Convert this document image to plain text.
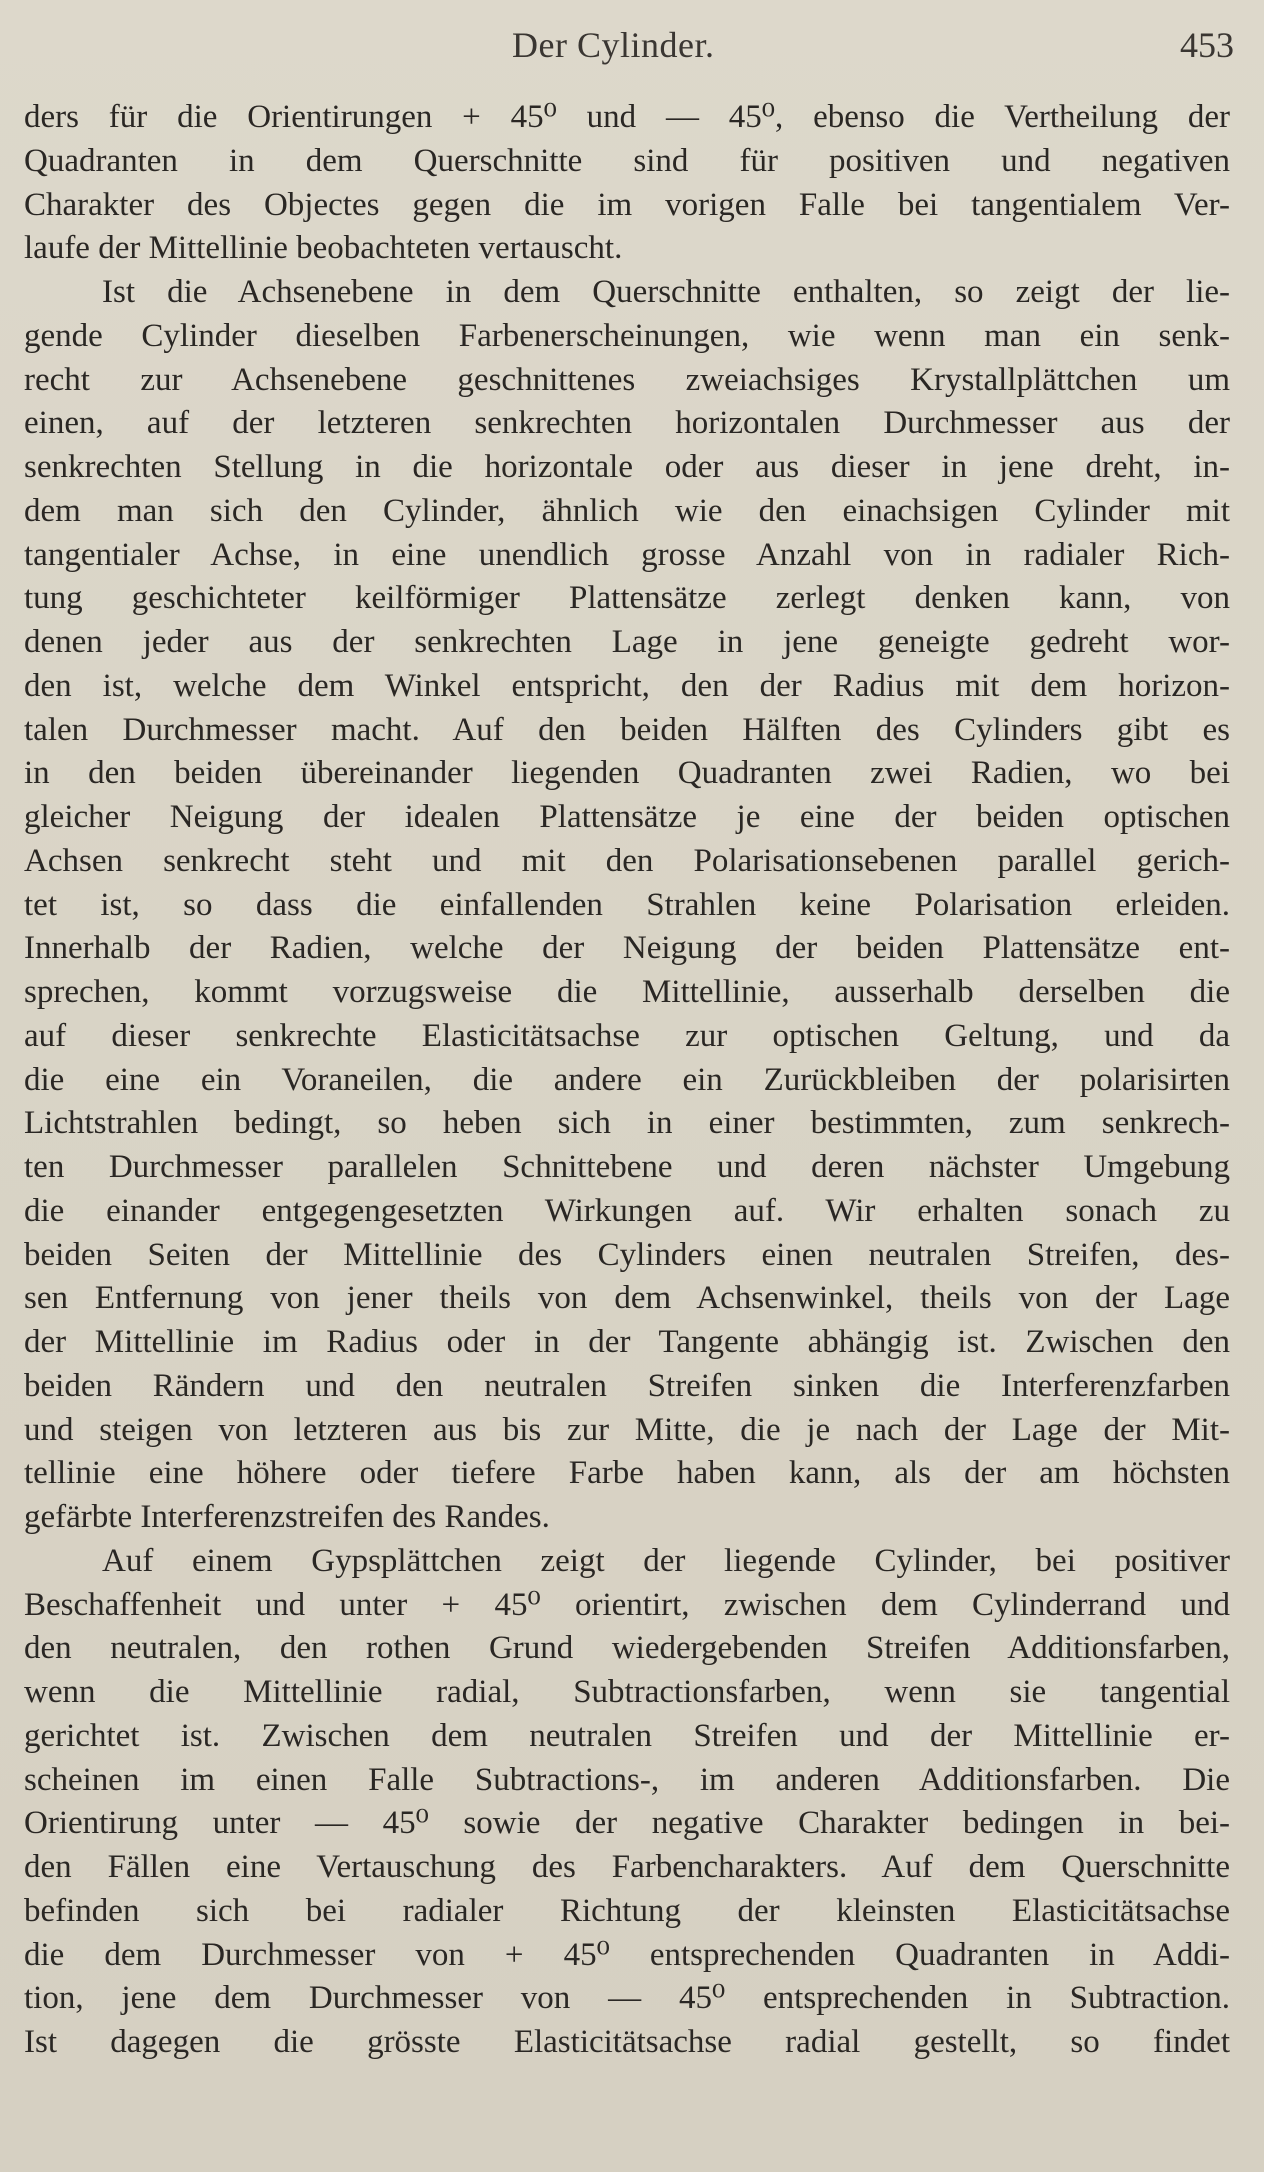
Der Cylinder.	453
ders für die Orientirungen + 45⁰ und — 45⁰, ebenso die Vertheilung der
Quadranten in dem Querschnitte sind für positiven und negativen
Charakter des Objectes gegen die im vorigen Falle bei tangentialem Ver-
laufe der Mittellinie beobachteten vertauscht.
Ist die Achsenebene in dem Querschnitte enthalten, so zeigt der lie-
gende Cylinder dieselben Farbenerscheinungen, wie wenn man ein senk-
recht zur Achsenebene geschnittenes zweiachsiges Krystallplättchen um
einen, auf der letzteren senkrechten horizontalen Durchmesser aus der
senkrechten Stellung in die horizontale oder aus dieser in jene dreht, in-
dem man sich den Cylinder, ähnlich wie den einachsigen Cylinder mit
tangentialer Achse, in eine unendlich grosse Anzahl von in radialer Rich-
tung geschichteter keilförmiger Plattensätze zerlegt denken kann, von
denen jeder aus der senkrechten Lage in jene geneigte gedreht wor-
den ist, welche dem Winkel entspricht, den der Radius mit dem horizon-
talen Durchmesser macht. Auf den beiden Hälften des Cylinders gibt es
in den beiden übereinander liegenden Quadranten zwei Radien, wo bei
gleicher Neigung der idealen Plattensätze je eine der beiden optischen
Achsen senkrecht steht und mit den Polarisationsebenen parallel gerich-
tet ist, so dass die einfallenden Strahlen keine Polarisation erleiden.
Innerhalb der Radien, welche der Neigung der beiden Plattensätze ent-
sprechen, kommt vorzugsweise die Mittellinie, ausserhalb derselben die
auf dieser senkrechte Elasticitätsachse zur optischen Geltung, und da
die eine ein Voraneilen, die andere ein Zurückbleiben der polarisirten
Lichtstrahlen bedingt, so heben sich in einer bestimmten, zum senkrech-
ten Durchmesser parallelen Schnittebene und deren nächster Umgebung
die einander entgegengesetzten Wirkungen auf. Wir erhalten sonach zu
beiden Seiten der Mittellinie des Cylinders einen neutralen Streifen, des-
sen Entfernung von jener theils von dem Achsenwinkel, theils von der Lage
der Mittellinie im Radius oder in der Tangente abhängig ist. Zwischen den
beiden Rändern und den neutralen Streifen sinken die Interferenzfarben
und steigen von letzteren aus bis zur Mitte, die je nach der Lage der Mit-
tellinie eine höhere oder tiefere Farbe haben kann, als der am höchsten
gefärbte Interferenzstreifen des Randes.
Auf einem Gypsplättchen zeigt der liegende Cylinder, bei positiver
Beschaffenheit und unter + 45⁰ orientirt, zwischen dem Cylinderrand und
den neutralen, den rothen Grund wiedergebenden Streifen Additionsfarben,
wenn die Mittellinie radial, Subtractionsfarben, wenn sie tangential
gerichtet ist. Zwischen dem neutralen Streifen und der Mittellinie er-
scheinen im einen Falle Subtractions-, im anderen Additionsfarben. Die
Orientirung unter — 45⁰ sowie der negative Charakter bedingen in bei-
den Fällen eine Vertauschung des Farbencharakters. Auf dem Querschnitte
befinden sich bei radialer Richtung der kleinsten Elasticitätsachse
die dem Durchmesser von + 45⁰ entsprechenden Quadranten in Addi-
tion, jene dem Durchmesser von — 45⁰ entsprechenden in Subtraction.
Ist dagegen die grösste Elasticitätsachse radial gestellt, so findet
